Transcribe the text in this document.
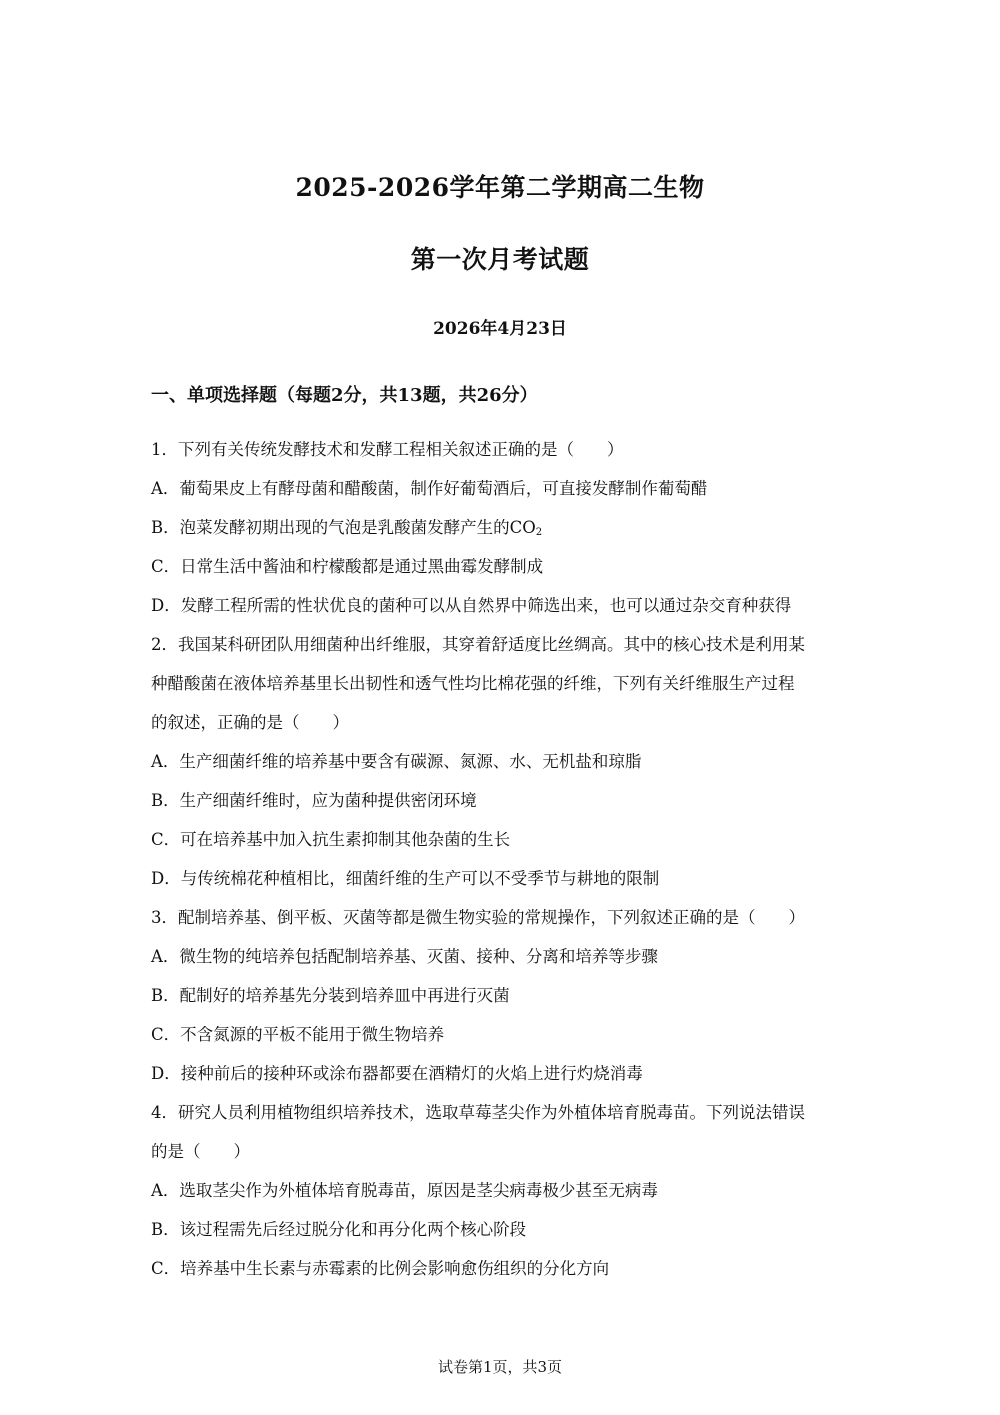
2025-2026学年第二学期高二生物
第一次月考试题
2026年4月23日
一、单项选择题（每题2分，共13题，共26分）
1．下列有关传统发酵技术和发酵工程相关叙述正确的是（　　）
A．葡萄果皮上有酵母菌和醋酸菌，制作好葡萄酒后，可直接发酵制作葡萄醋
B．泡菜发酵初期出现的气泡是乳酸菌发酵产生的$CO_2$
C．日常生活中酱油和柠檬酸都是通过黑曲霉发酵制成
D．发酵工程所需的性状优良的菌种可以从自然界中筛选出来，也可以通过杂交育种获得
2．我国某科研团队用细菌种出纤维服，其穿着舒适度比丝绸高。其中的核心技术是利用某
种醋酸菌在液体培养基里长出韧性和透气性均比棉花强的纤维，下列有关纤维服生产过程
的叙述，正确的是（　　）
A．生产细菌纤维的培养基中要含有碳源、氮源、水、无机盐和琼脂
B．生产细菌纤维时，应为菌种提供密闭环境
C．可在培养基中加入抗生素抑制其他杂菌的生长
D．与传统棉花种植相比，细菌纤维的生产可以不受季节与耕地的限制
3．配制培养基、倒平板、灭菌等都是微生物实验的常规操作，下列叙述正确的是（　　）
A．微生物的纯培养包括配制培养基、灭菌、接种、分离和培养等步骤
B．配制好的培养基先分装到培养皿中再进行灭菌
C．不含氮源的平板不能用于微生物培养
D．接种前后的接种环或涂布器都要在酒精灯的火焰上进行灼烧消毒
4．研究人员利用植物组织培养技术，选取草莓茎尖作为外植体培育脱毒苗。下列说法错误
的是（　　）
A．选取茎尖作为外植体培育脱毒苗，原因是茎尖病毒极少甚至无病毒
B．该过程需先后经过脱分化和再分化两个核心阶段
C．培养基中生长素与赤霉素的比例会影响愈伤组织的分化方向
试卷第1页，共3页
